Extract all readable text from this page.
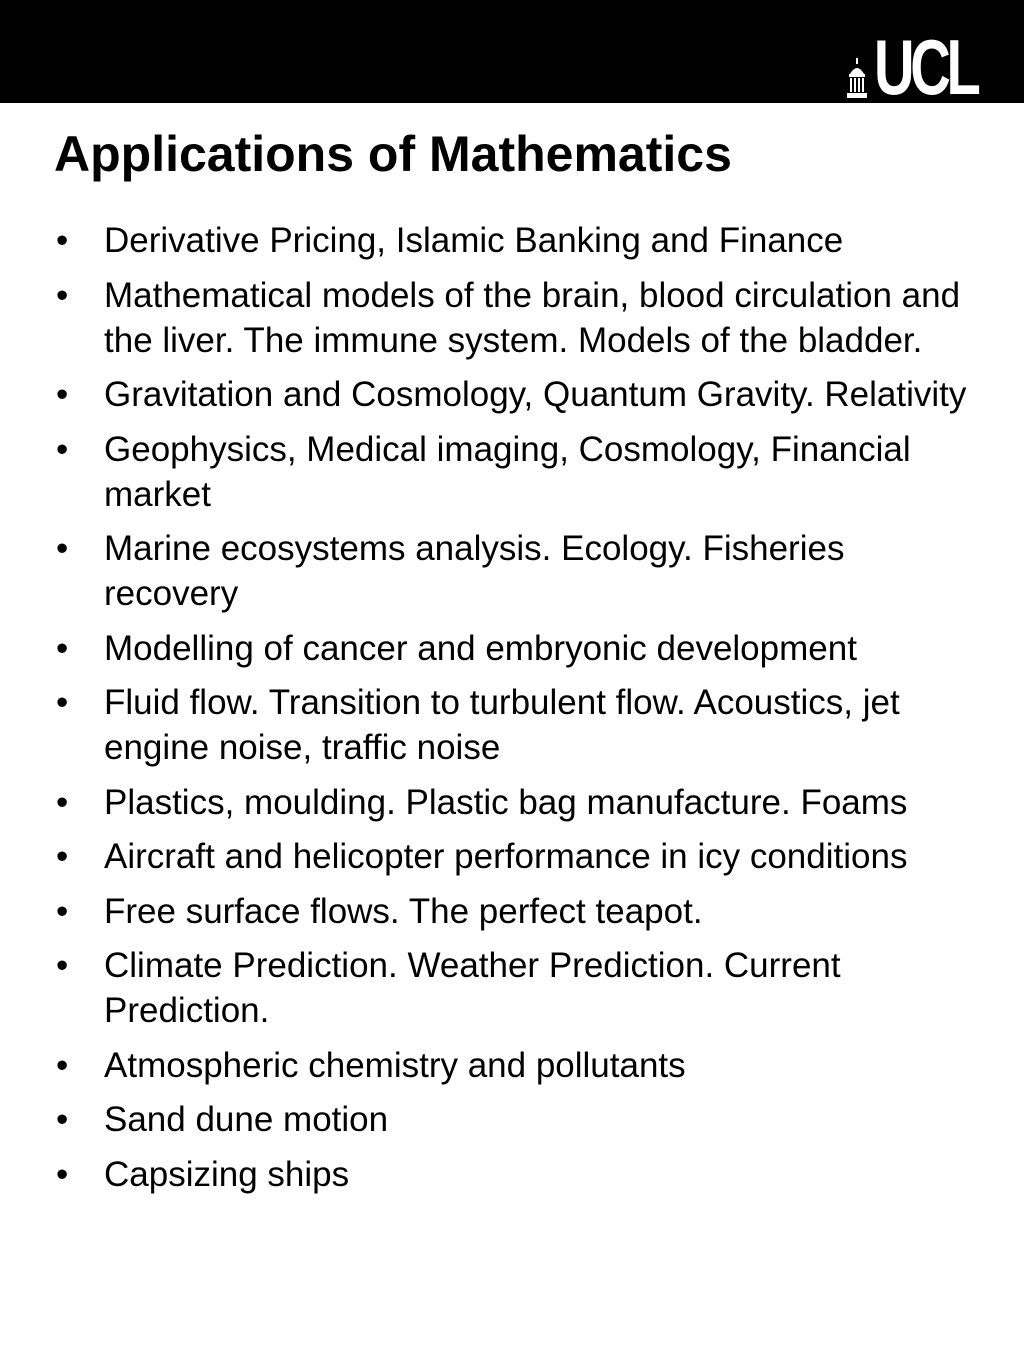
UCL
Applications of Mathematics
• Derivative Pricing, Islamic Banking and Finance
• Mathematical models of the brain, blood circulation and the liver. The immune system. Models of the bladder.
• Gravitation and Cosmology, Quantum Gravity. Relativity
• Geophysics, Medical imaging, Cosmology, Financial market
• Marine ecosystems analysis. Ecology. Fisheries recovery
• Modelling of cancer and embryonic development
• Fluid flow. Transition to turbulent flow. Acoustics, jet engine noise, traffic noise
• Plastics, moulding. Plastic bag manufacture. Foams
• Aircraft and helicopter performance in icy conditions
• Free surface flows. The perfect teapot.
• Climate Prediction. Weather Prediction. Current Prediction.
• Atmospheric chemistry and pollutants
• Sand dune motion
• Capsizing ships
